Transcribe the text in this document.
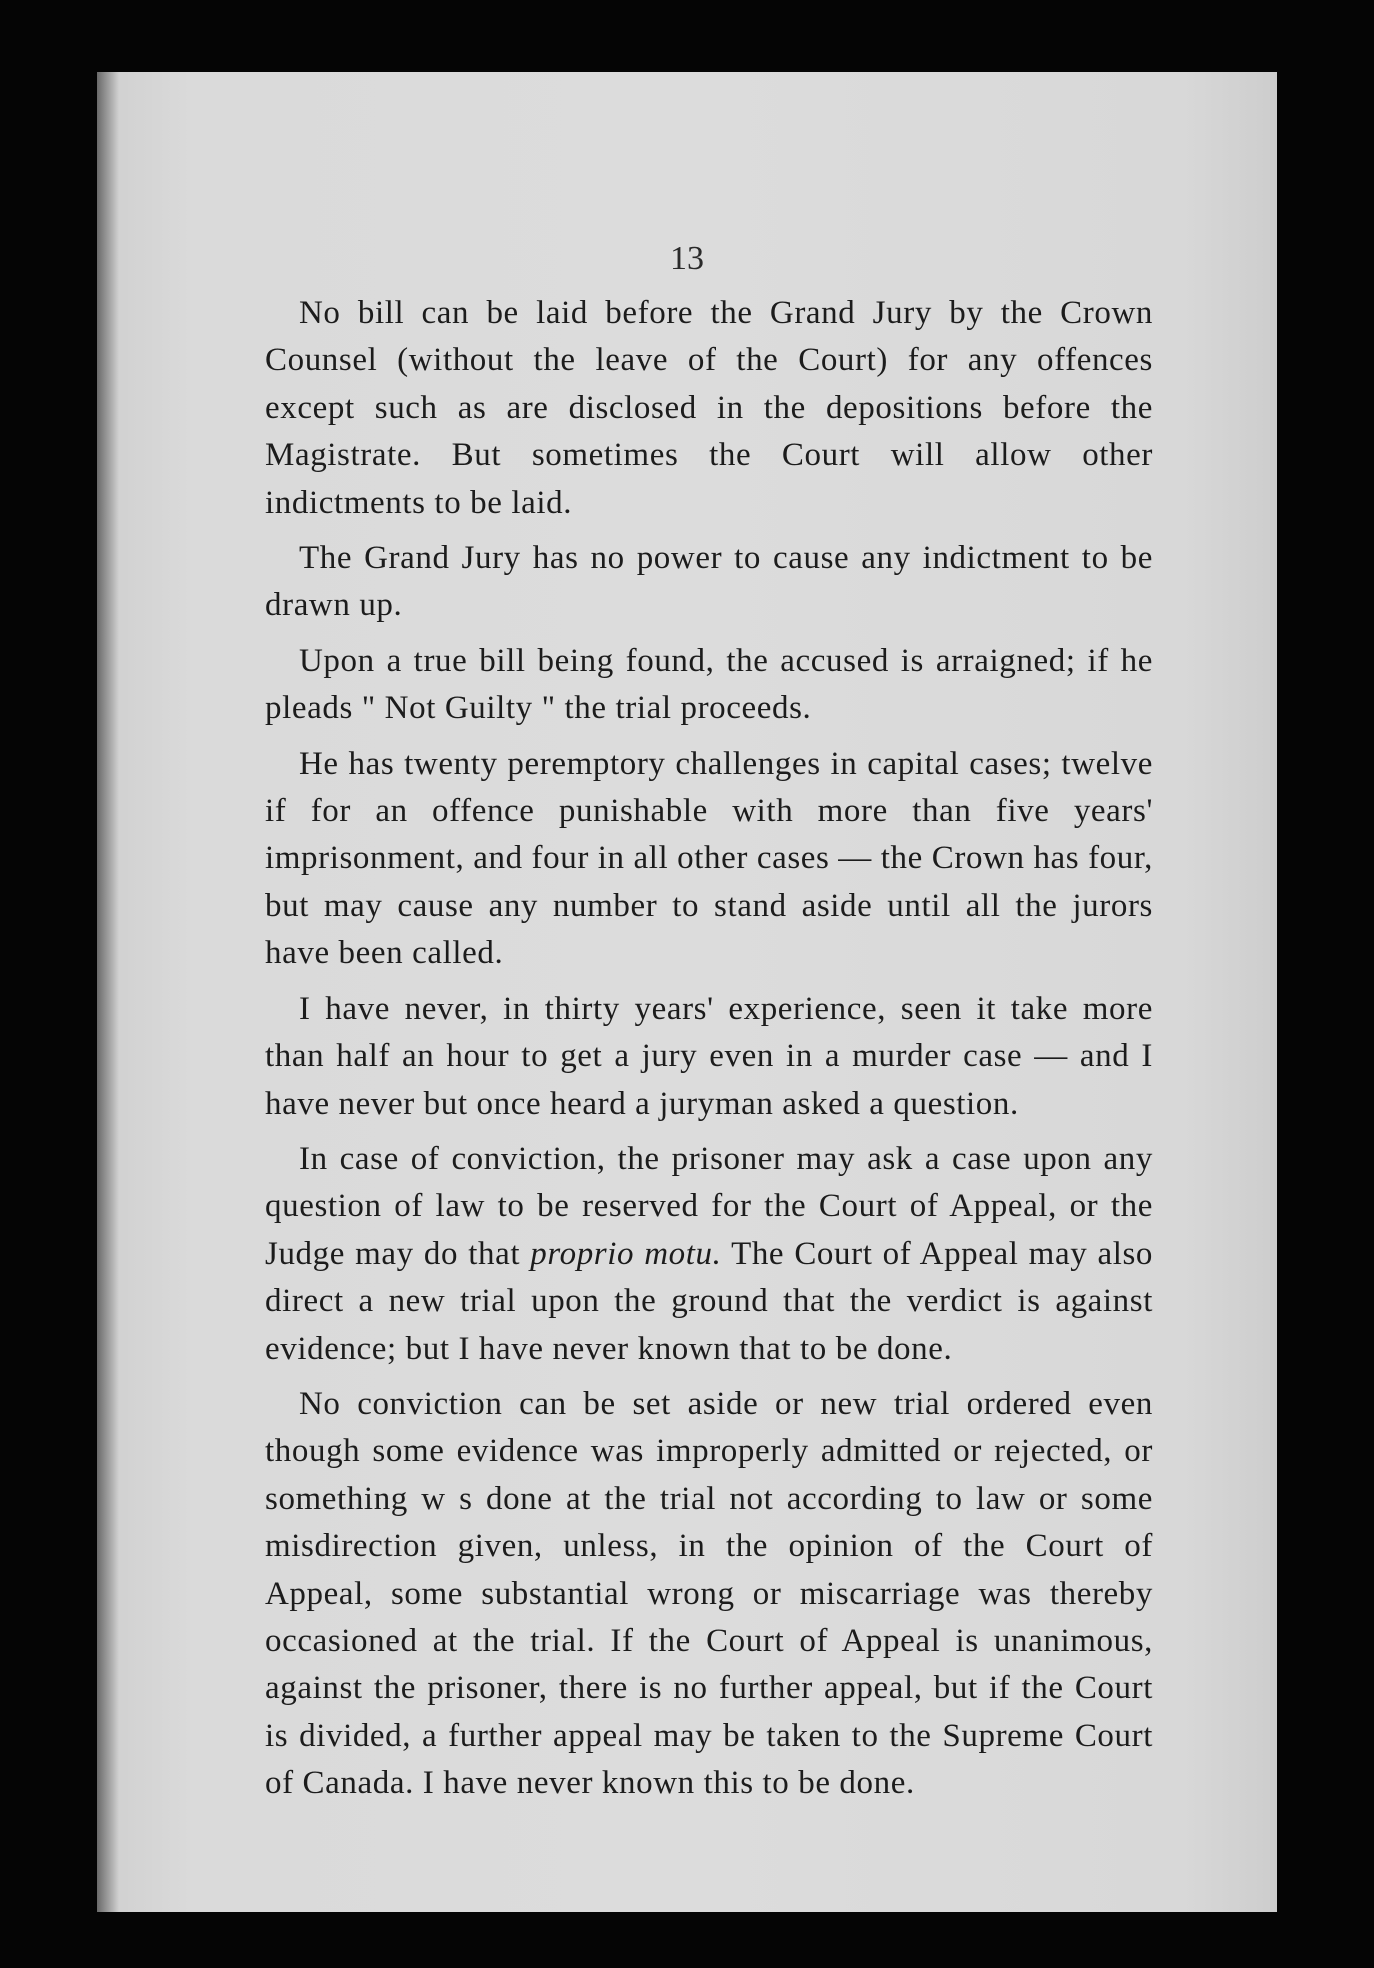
13

No bill can be laid before the Grand Jury by the Crown Counsel (without the leave of the Court) for any offences except such as are disclosed in the depositions before the Magistrate. But sometimes the Court will allow other indictments to be laid.

The Grand Jury has no power to cause any indictment to be drawn up.

Upon a true bill being found, the accused is arraigned; if he pleads " Not Guilty " the trial proceeds.

He has twenty peremptory challenges in capital cases; twelve if for an offence punishable with more than five years' imprisonment, and four in all other cases — the Crown has four, but may cause any number to stand aside until all the jurors have been called.

I have never, in thirty years' experience, seen it take more than half an hour to get a jury even in a murder case — and I have never but once heard a juryman asked a question.

In case of conviction, the prisoner may ask a case upon any question of law to be reserved for the Court of Appeal, or the Judge may do that proprio motu. The Court of Appeal may also direct a new trial upon the ground that the verdict is against evidence; but I have never known that to be done.

No conviction can be set aside or new trial ordered even though some evidence was improperly admitted or rejected, or something w s done at the trial not according to law or some misdirection given, unless, in the opinion of the Court of Appeal, some substantial wrong or miscarriage was thereby occasioned at the trial. If the Court of Appeal is unanimous, against the prisoner, there is no further appeal, but if the Court is divided, a further appeal may be taken to the Supreme Court of Canada. I have never known this to be done.
